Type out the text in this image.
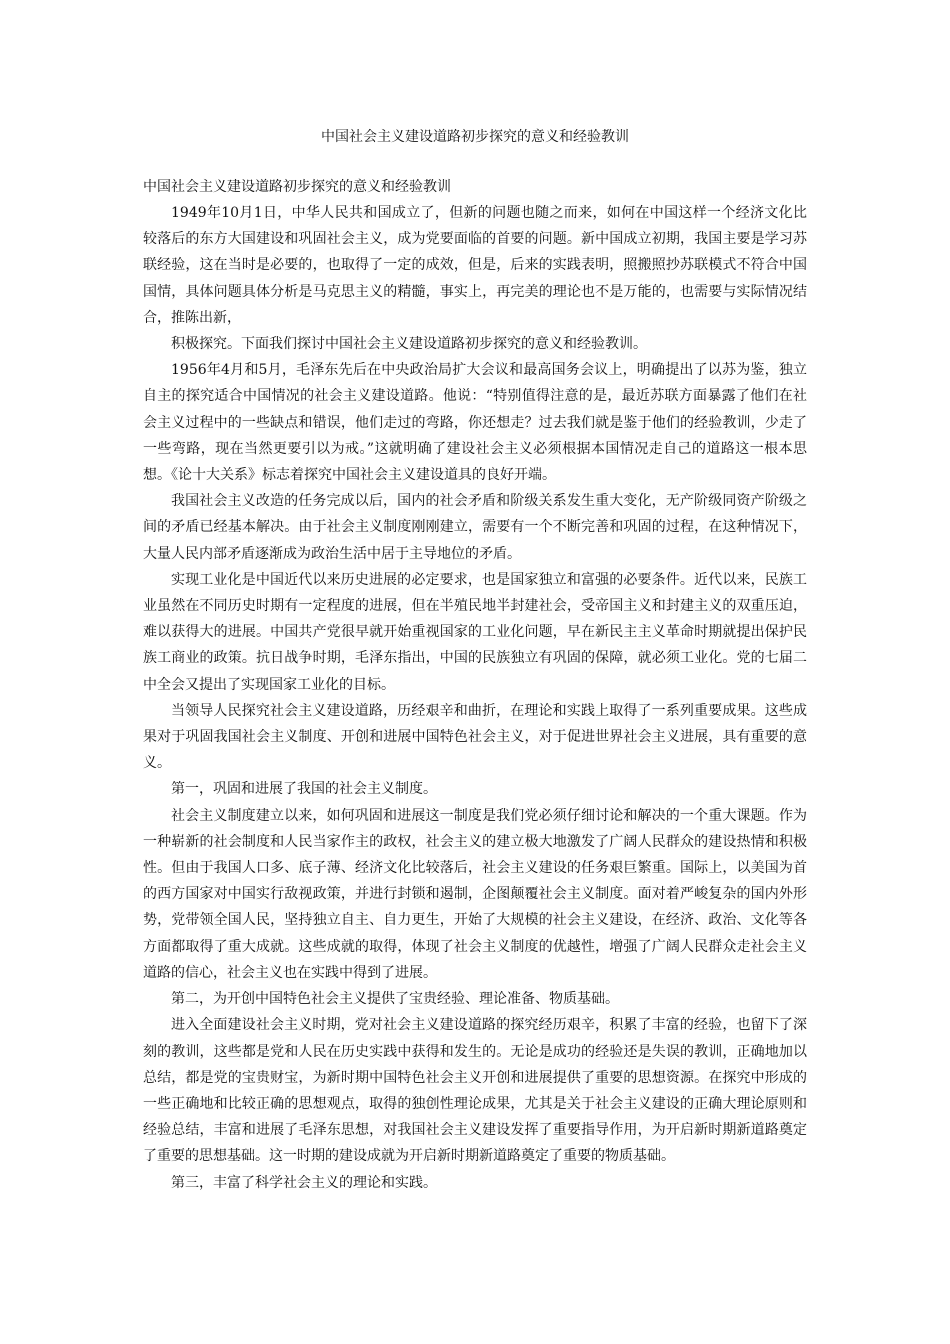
中国社会主义建设道路初步探究的意义和经验教训

中国社会主义建设道路初步探究的意义和经验教训

1949年10月1日，中华人民共和国成立了，但新的问题也随之而来，如何在中国这样一个经济文化比较落后的东方大国建设和巩固社会主义，成为党要面临的首要的问题。新中国成立初期，我国主要是学习苏联经验，这在当时是必要的，也取得了一定的成效，但是，后来的实践表明，照搬照抄苏联模式不符合中国国情，具体问题具体分析是马克思主义的精髓，事实上，再完美的理论也不是万能的，也需要与实际情况结合，推陈出新，

积极探究。下面我们探讨中国社会主义建设道路初步探究的意义和经验教训。

1956年4月和5月，毛泽东先后在中央政治局扩大会议和最高国务会议上，明确提出了以苏为鉴，独立自主的探究适合中国情况的社会主义建设道路。他说：“特别值得注意的是，最近苏联方面暴露了他们在社会主义过程中的一些缺点和错误，他们走过的弯路，你还想走？过去我们就是鉴于他们的经验教训，少走了一些弯路，现在当然更要引以为戒。”这就明确了建设社会主义必须根据本国情况走自己的道路这一根本思想。《论十大关系》标志着探究中国社会主义建设道具的良好开端。

我国社会主义改造的任务完成以后，国内的社会矛盾和阶级关系发生重大变化，无产阶级同资产阶级之间的矛盾已经基本解决。由于社会主义制度刚刚建立，需要有一个不断完善和巩固的过程，在这种情况下，大量人民内部矛盾逐渐成为政治生活中居于主导地位的矛盾。

实现工业化是中国近代以来历史进展的必定要求，也是国家独立和富强的必要条件。近代以来，民族工业虽然在不同历史时期有一定程度的进展，但在半殖民地半封建社会，受帝国主义和封建主义的双重压迫，难以获得大的进展。中国共产党很早就开始重视国家的工业化问题，早在新民主主义革命时期就提出保护民族工商业的政策。抗日战争时期，毛泽东指出，中国的民族独立有巩固的保障，就必须工业化。党的七届二中全会又提出了实现国家工业化的目标。

当领导人民探究社会主义建设道路，历经艰辛和曲折，在理论和实践上取得了一系列重要成果。这些成果对于巩固我国社会主义制度、开创和进展中国特色社会主义，对于促进世界社会主义进展，具有重要的意义。

第一，巩固和进展了我国的社会主义制度。

社会主义制度建立以来，如何巩固和进展这一制度是我们党必须仔细讨论和解决的一个重大课题。作为一种崭新的社会制度和人民当家作主的政权，社会主义的建立极大地激发了广阔人民群众的建设热情和积极性。但由于我国人口多、底子薄、经济文化比较落后，社会主义建设的任务艰巨繁重。国际上，以美国为首的西方国家对中国实行敌视政策，并进行封锁和遏制，企图颠覆社会主义制度。面对着严峻复杂的国内外形势，党带领全国人民，坚持独立自主、自力更生，开始了大规模的社会主义建设，在经济、政治、文化等各方面都取得了重大成就。这些成就的取得，体现了社会主义制度的优越性，增强了广阔人民群众走社会主义道路的信心，社会主义也在实践中得到了进展。

第二，为开创中国特色社会主义提供了宝贵经验、理论准备、物质基础。

进入全面建设社会主义时期，党对社会主义建设道路的探究经历艰辛，积累了丰富的经验，也留下了深刻的教训，这些都是党和人民在历史实践中获得和发生的。无论是成功的经验还是失误的教训，正确地加以总结，都是党的宝贵财宝，为新时期中国特色社会主义开创和进展提供了重要的思想资源。在探究中形成的一些正确地和比较正确的思想观点，取得的独创性理论成果，尤其是关于社会主义建设的正确大理论原则和经验总结，丰富和进展了毛泽东思想，对我国社会主义建设发挥了重要指导作用，为开启新时期新道路奠定了重要的思想基础。这一时期的建设成就为开启新时期新道路奠定了重要的物质基础。

第三，丰富了科学社会主义的理论和实践。
